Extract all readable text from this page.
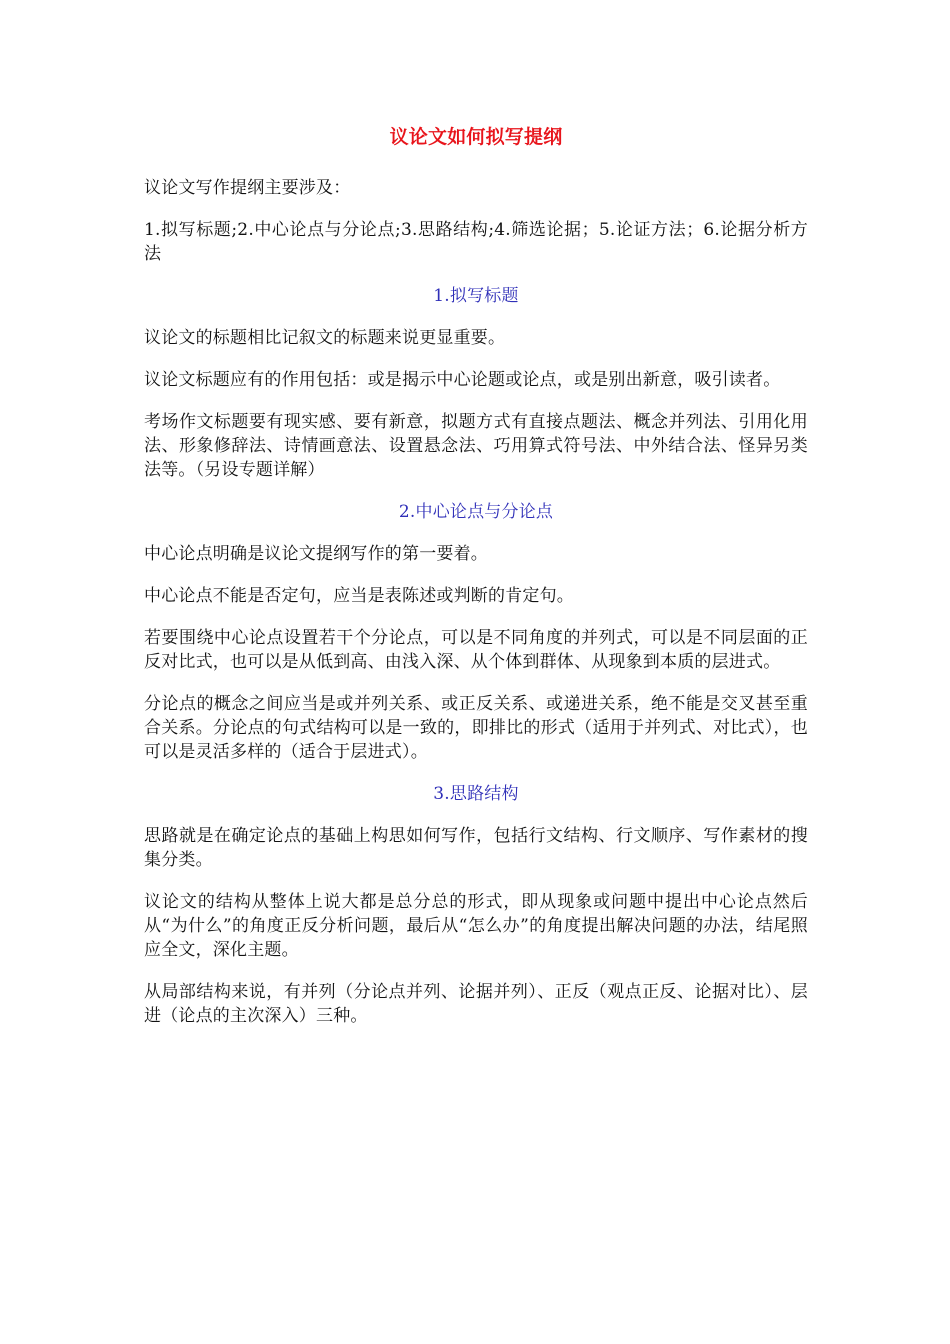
议论文如何拟写提纲

议论文写作提纲主要涉及：

1.拟写标题;2.中心论点与分论点;3.思路结构;4.筛选论据；5.论证方法；6.论据分析方法

1.拟写标题

议论文的标题相比记叙文的标题来说更显重要。

议论文标题应有的作用包括：或是揭示中心论题或论点，或是别出新意，吸引读者。

考场作文标题要有现实感、要有新意，拟题方式有直接点题法、概念并列法、引用化用法、形象修辞法、诗情画意法、设置悬念法、巧用算式符号法、中外结合法、怪异另类法等。（另设专题详解）

2.中心论点与分论点

中心论点明确是议论文提纲写作的第一要着。

中心论点不能是否定句，应当是表陈述或判断的肯定句。

若要围绕中心论点设置若干个分论点，可以是不同角度的并列式，可以是不同层面的正反对比式，也可以是从低到高、由浅入深、从个体到群体、从现象到本质的层进式。

分论点的概念之间应当是或并列关系、或正反关系、或递进关系，绝不能是交叉甚至重合关系。分论点的句式结构可以是一致的，即排比的形式（适用于并列式、对比式），也可以是灵活多样的（适合于层进式）。

3.思路结构

思路就是在确定论点的基础上构思如何写作，包括行文结构、行文顺序、写作素材的搜集分类。

议论文的结构从整体上说大都是总分总的形式，即从现象或问题中提出中心论点然后从“为什么”的角度正反分析问题，最后从“怎么办”的角度提出解决问题的办法，结尾照应全文，深化主题。

从局部结构来说，有并列（分论点并列、论据并列）、正反（观点正反、论据对比）、层进（论点的主次深入）三种。
